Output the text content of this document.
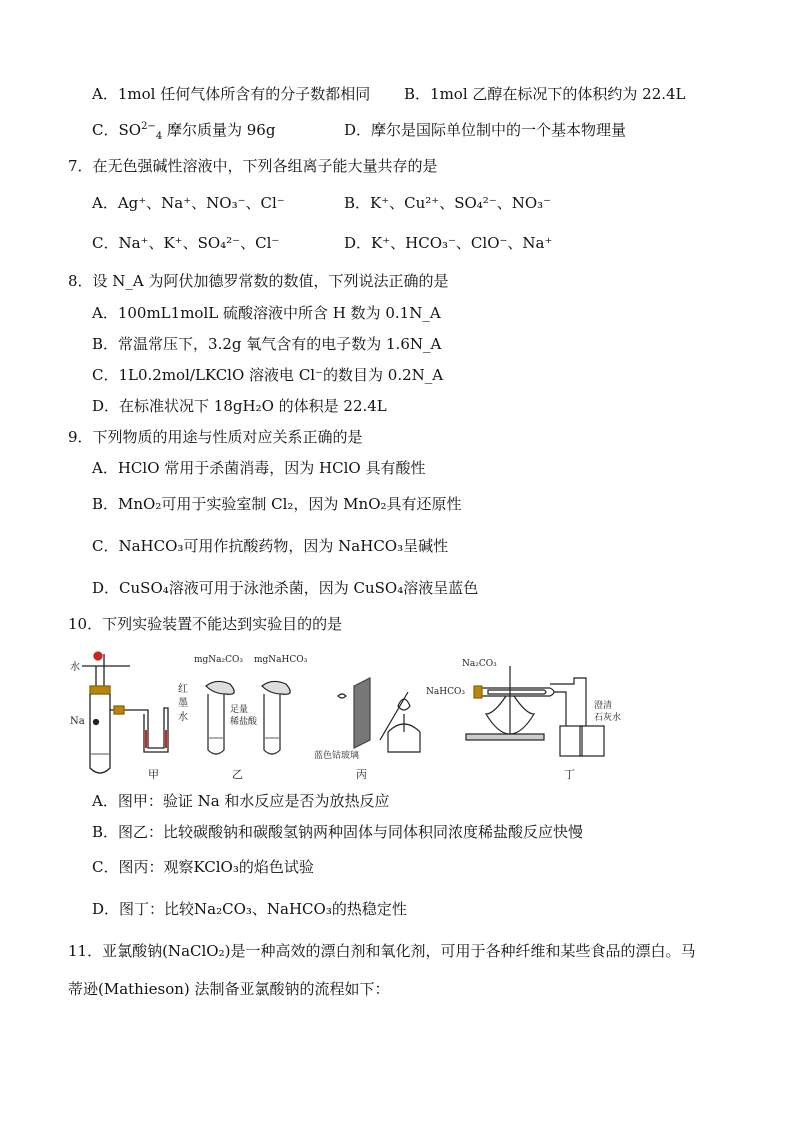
A．1mol 任何气体所含有的分子数都相同 B．1mol 乙醇在标况下的体积约为 22.4L
C．$SO^{2-}_4$ 摩尔质量为 96g	D．摩尔是国际单位制中的一个基本物理量
7．在无色强碱性溶液中，下列各组离子能大量共存的是
A．Ag⁺、Na⁺、NO₃⁻、Cl⁻	B．K⁺、Cu²⁺、SO₄²⁻、NO₃⁻
C．Na⁺、K⁺、SO₄²⁻、Cl⁻	D．K⁺、HCO₃⁻、ClO⁻、Na⁺
8．设 N_A 为阿伏加德罗常数的数值，下列说法正确的是
A．100mL1molL 硫酸溶液中所含 H 数为 0.1N_A
B．常温常压下，3.2g 氧气含有的电子数为 1.6N_A
C．1L0.2mol/LKClO 溶液电 Cl⁻的数目为 0.2N_A
D．在标准状况下 18gH₂O 的体积是 22.4L
9．下列物质的用途与性质对应关系正确的是
A．HClO 常用于杀菌消毒，因为 HClO 具有酸性
B．MnO₂可用于实验室制 Cl₂，因为 MnO₂具有还原性
C．NaHCO₃可用作抗酸药物，因为 NaHCO₃呈碱性
D．CuSO₄溶液可用于泳池杀菌，因为 CuSO₄溶液呈蓝色
10．下列实验装置不能达到实验目的的是
水
Na
红
墨
水
甲
mgNa₂CO₃ mgNaHCO₃
足量
稀盐酸
乙
蓝色钴玻璃
丙
Na₂CO₃
NaHCO₃
澄清
石灰水
丁
A．图甲：验证 Na 和水反应是否为放热反应
B．图乙：比较碳酸钠和碳酸氢钠两种固体与同体积同浓度稀盐酸反应快慢
C．图丙：观察KClO₃的焰色试验
D．图丁：比较Na₂CO₃、NaHCO₃的热稳定性
11．亚氯酸钠(NaClO₂)是一种高效的漂白剂和氧化剂，可用于各种纤维和某些食品的漂白。马
蒂逊(Mathieson) 法制备亚氯酸钠的流程如下：
